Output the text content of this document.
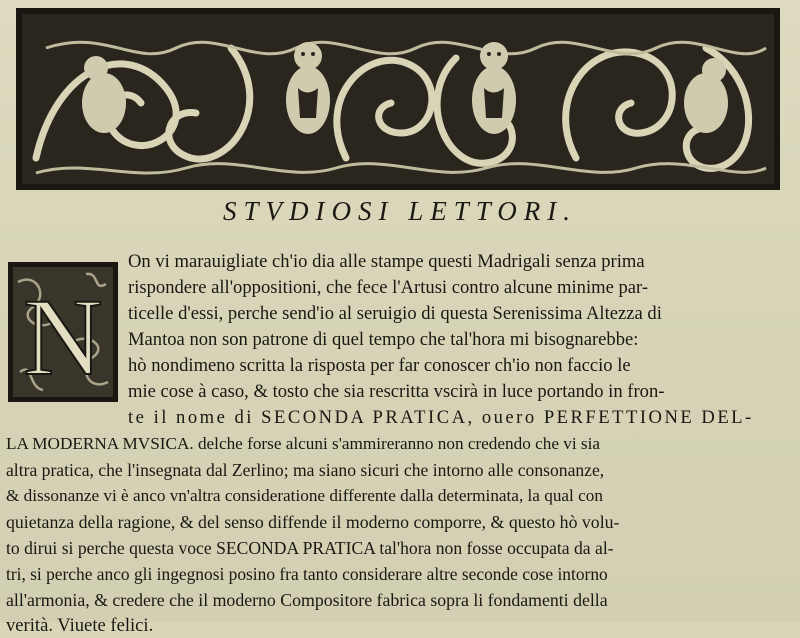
STVDIOSI LETTORI.
N
On vi marauigliate ch'io dia alle stampe questi Madrigali senza prima
rispondere all'oppositioni, che fece l'Artusi contro alcune minime par-
ticelle d'essi, perche send'io al seruigio di questa Serenissima Altezza di
Mantoa non son patrone di quel tempo che tal'hora mi bisognarebbe:
hò nondimeno scritta la risposta per far conoscer ch'io non faccio le
mie cose à caso, & tosto che sia rescritta vscirà in luce portando in fron-
te il nome di SECONDA PRATICA, ouero PERFETTIONE DEL-
LA MODERNA MVSICA. delche forse alcuni s'ammireranno non credendo che vi sia
altra pratica, che l'insegnata dal Zerlino; ma siano sicuri che intorno alle consonanze,
& dissonanze vi è anco vn'altra consideratione differente dalla determinata, la qual con
quietanza della ragione, & del senso diffende il moderno comporre, & questo hò volu-
to dirui si perche questa voce SECONDA PRATICA tal'hora non fosse occupata da al-
tri, si perche anco gli ingegnosi posino fra tanto considerare altre seconde cose intorno
all'armonia, & credere che il moderno Compositore fabrica sopra li fondamenti della
verità. Viuete felici.
